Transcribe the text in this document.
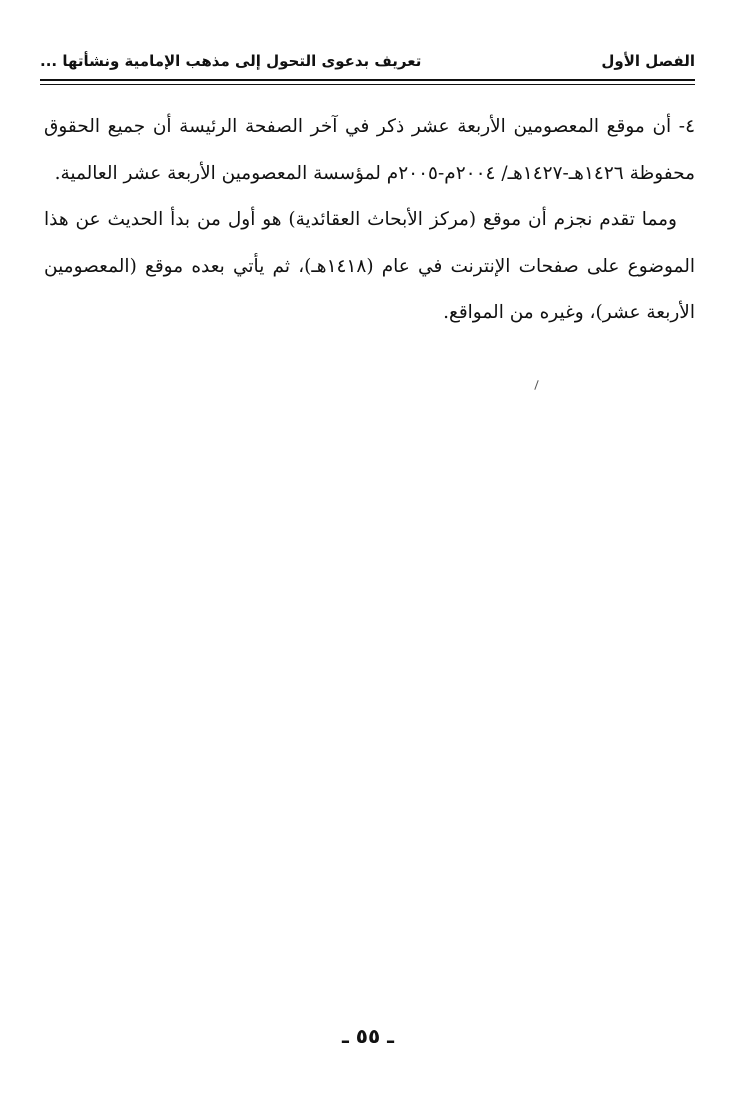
الفصل الأول
تعريف بدعوى التحول إلى مذهب الإمامية ونشأتها ...

٤- أن موقع المعصومين الأربعة عشر ذكر في آخر الصفحة الرئيسة أن جميع الحقوق محفوظة ١٤٢٦هـ-١٤٢٧هـ/ ٢٠٠٤م-٢٠٠٥م لمؤسسة المعصومين الأربعة عشر العالمية.

ومما تقدم نجزم أن موقع (مركز الأبحاث العقائدية) هو أول من بدأ الحديث عن هذا الموضوع على صفحات الإنترنت في عام (١٤١٨هـ)، ثم يأتي بعده موقع (المعصومين الأربعة عشر)، وغيره من المواقع.

ـ ٥٥ ـ
